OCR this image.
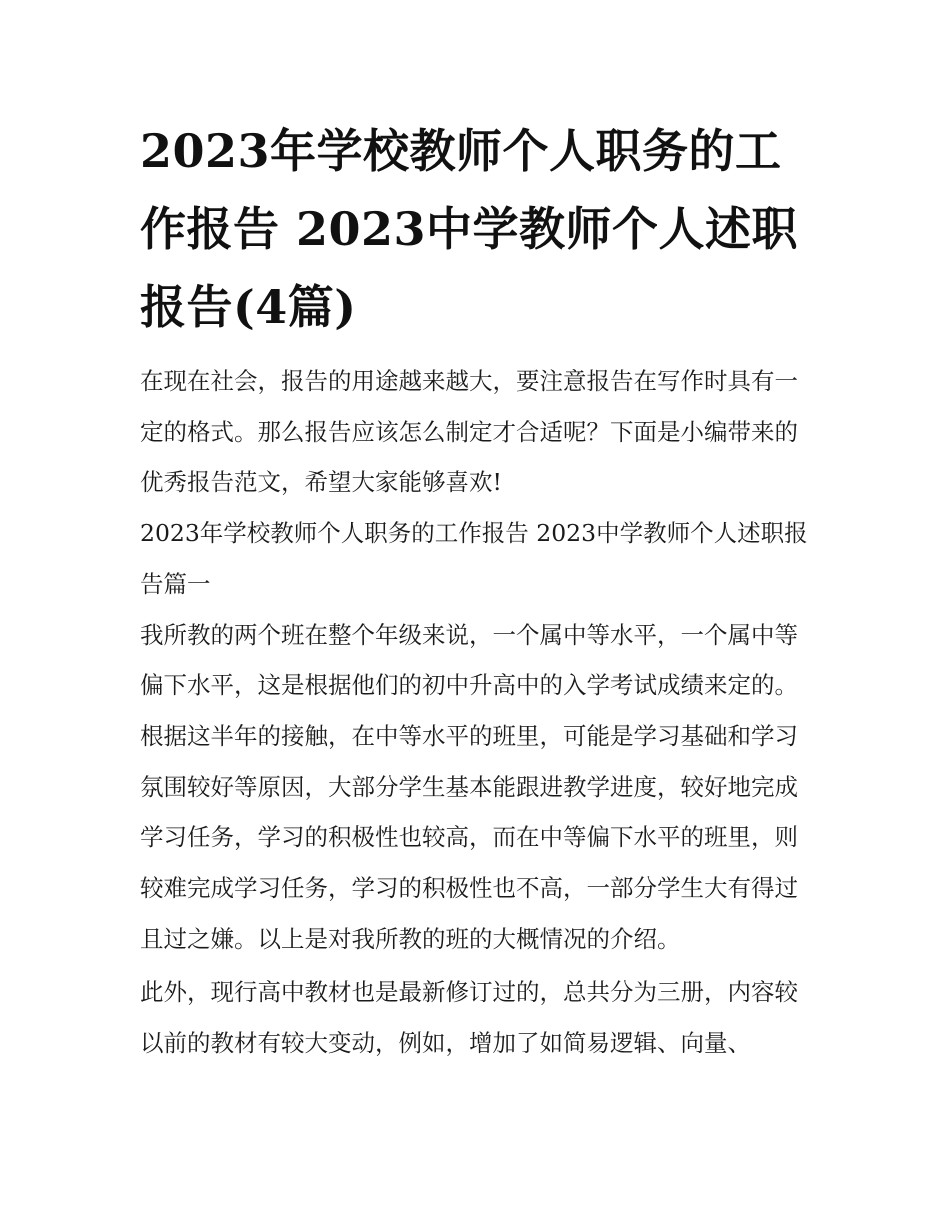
2023年学校教师个人职务的工作报告 2023中学教师个人述职报告(4篇)

在现在社会，报告的用途越来越大，要注意报告在写作时具有一定的格式。那么报告应该怎么制定才合适呢？下面是小编带来的优秀报告范文，希望大家能够喜欢!

2023年学校教师个人职务的工作报告 2023中学教师个人述职报告篇一

我所教的两个班在整个年级来说，一个属中等水平，一个属中等偏下水平，这是根据他们的初中升高中的入学考试成绩来定的。根据这半年的接触，在中等水平的班里，可能是学习基础和学习氛围较好等原因，大部分学生基本能跟进教学进度，较好地完成学习任务，学习的积极性也较高，而在中等偏下水平的班里，则较难完成学习任务，学习的积极性也不高，一部分学生大有得过且过之嫌。以上是对我所教的班的大概情况的介绍。

此外，现行高中教材也是最新修订过的，总共分为三册，内容较以前的教材有较大变动，例如，增加了如简易逻辑、向量、
